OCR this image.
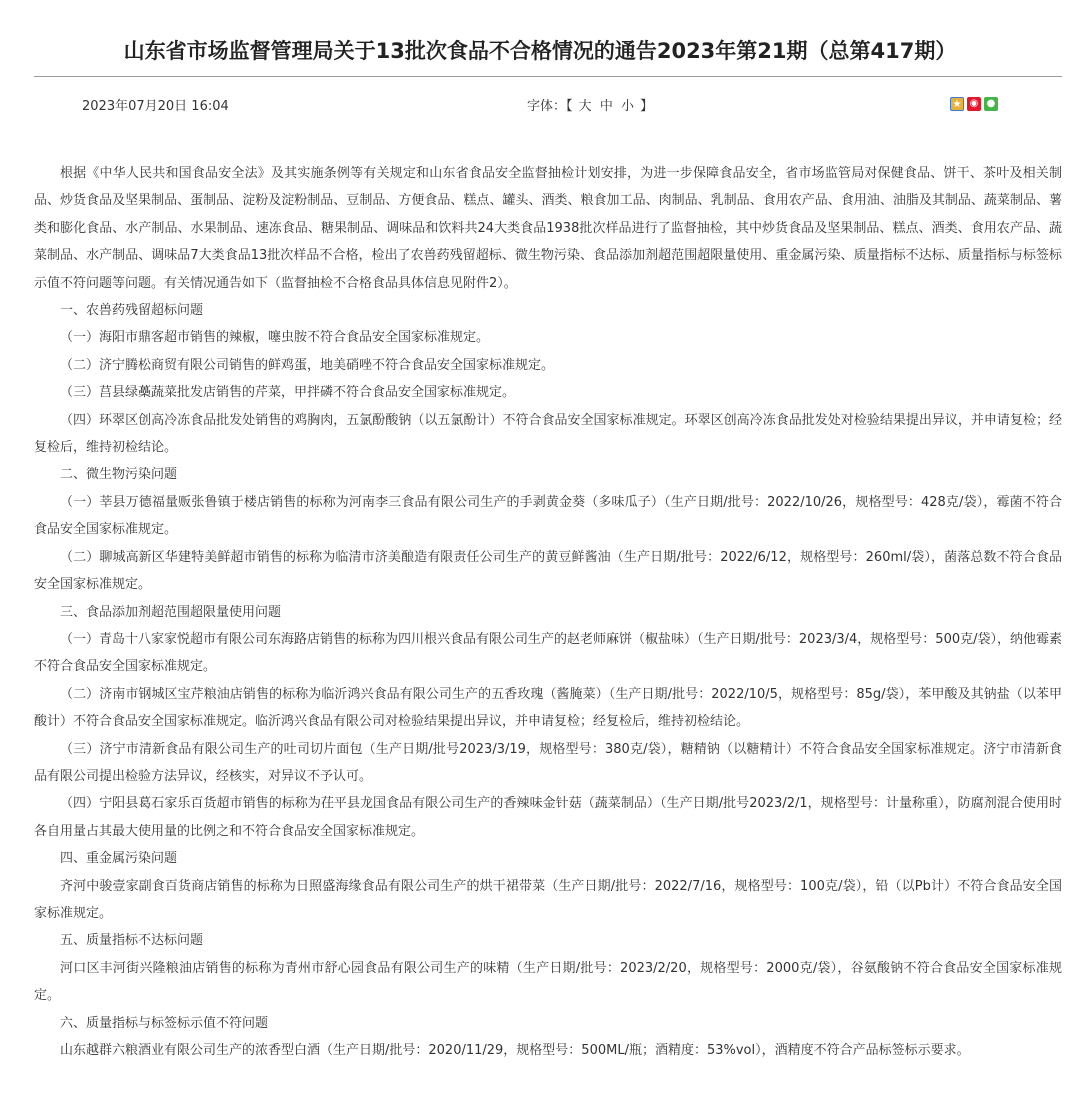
山东省市场监督管理局关于13批次食品不合格情况的通告2023年第21期（总第417期）
2023年07月20日 16:04	字体：【 大 中 小 】	★ ◉ ●

根据《中华人民共和国食品安全法》及其实施条例等有关规定和山东省食品安全监督抽检计划安排，为进一步保障食品安全，省市场监管局对保健食品、饼干、茶叶及相关制品、炒货食品及坚果制品、蛋制品、淀粉及淀粉制品、豆制品、方便食品、糕点、罐头、酒类、粮食加工品、肉制品、乳制品、食用农产品、食用油、油脂及其制品、蔬菜制品、薯类和膨化食品、水产制品、水果制品、速冻食品、糖果制品、调味品和饮料共24大类食品1938批次样品进行了监督抽检，其中炒货食品及坚果制品、糕点、酒类、食用农产品、蔬菜制品、水产制品、调味品7大类食品13批次样品不合格，检出了农兽药残留超标、微生物污染、食品添加剂超范围超限量使用、重金属污染、质量指标不达标、质量指标与标签标示值不符问题等问题。有关情况通告如下（监督抽检不合格食品具体信息见附件2）。

一、农兽药残留超标问题

（一）海阳市鼎客超市销售的辣椒，噻虫胺不符合食品安全国家标准规定。

（二）济宁腾松商贸有限公司销售的鲜鸡蛋，地美硝唑不符合食品安全国家标准规定。

（三）莒县绿蘽蔬菜批发店销售的芹菜，甲拌磷不符合食品安全国家标准规定。

（四）环翠区创高冷冻食品批发处销售的鸡胸肉，五氯酚酸钠（以五氯酚计）不符合食品安全国家标准规定。环翠区创高冷冻食品批发处对检验结果提出异议，并申请复检；经复检后，维持初检结论。

二、微生物污染问题

（一）莘县万德福量贩张鲁镇于楼店销售的标称为河南李三食品有限公司生产的手剥黄金葵（多味瓜子）（生产日期/批号：2022/10/26，规格型号：428克/袋），霉菌不符合食品安全国家标准规定。

（二）聊城高新区华建特美鲜超市销售的标称为临清市济美酿造有限责任公司生产的黄豆鲜酱油（生产日期/批号：2022/6/12，规格型号：260ml/袋），菌落总数不符合食品安全国家标准规定。

三、食品添加剂超范围超限量使用问题

（一）青岛十八家家悦超市有限公司东海路店销售的标称为四川根兴食品有限公司生产的赵老师麻饼（椒盐味）（生产日期/批号：2023/3/4，规格型号：500克/袋），纳他霉素不符合食品安全国家标准规定。

（二）济南市钢城区宝芹粮油店销售的标称为临沂鸿兴食品有限公司生产的五香玫瑰（酱腌菜）（生产日期/批号：2022/10/5，规格型号：85g/袋），苯甲酸及其钠盐（以苯甲酸计）不符合食品安全国家标准规定。临沂鸿兴食品有限公司对检验结果提出异议，并申请复检；经复检后，维持初检结论。

（三）济宁市清新食品有限公司生产的吐司切片面包（生产日期/批号2023/3/19，规格型号：380克/袋），糖精钠（以糖精计）不符合食品安全国家标准规定。济宁市清新食品有限公司提出检验方法异议，经核实，对异议不予认可。

（四）宁阳县葛石家乐百货超市销售的标称为茌平县龙国食品有限公司生产的香辣味金针菇（蔬菜制品）（生产日期/批号2023/2/1，规格型号：计量称重），防腐剂混合使用时各自用量占其最大使用量的比例之和不符合食品安全国家标准规定。

四、重金属污染问题

齐河中骏壹家副食百货商店销售的标称为日照盛海缘食品有限公司生产的烘干裙带菜（生产日期/批号：2022/7/16，规格型号：100克/袋），铅（以Pb计）不符合食品安全国家标准规定。

五、质量指标不达标问题

河口区丰河街兴隆粮油店销售的标称为青州市舒心园食品有限公司生产的味精（生产日期/批号：2023/2/20，规格型号：2000克/袋），谷氨酸钠不符合食品安全国家标准规定。

六、质量指标与标签标示值不符问题

山东越群六粮酒业有限公司生产的浓香型白酒（生产日期/批号：2020/11/29，规格型号：500ML/瓶；酒精度：53%vol），酒精度不符合产品标签标示要求。
